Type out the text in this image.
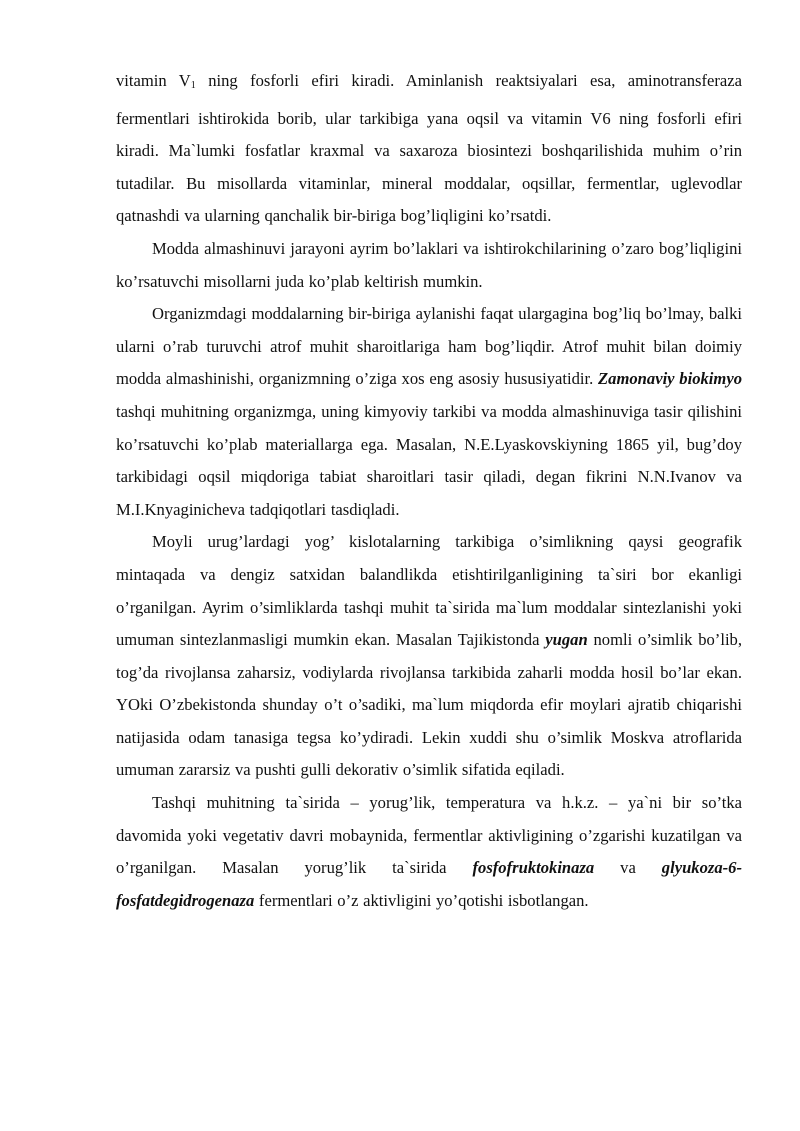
vitamin $V_1$ ning fosforli efiri kiradi. Aminlanish reaktsiyalari esa, aminotransferaza fermentlari ishtirokida borib, ular tarkibiga yana oqsil va vitamin V6 ning fosforli efiri kiradi. Ma`lumki fosfatlar kraxmal va saxaroza biosintezi boshqarilishida muhim o’rin tutadilar. Bu misollarda vitaminlar, mineral moddalar, oqsillar, fermentlar, uglevodlar qatnashdi va ularning qanchalik bir-biriga bog’liqligini ko’rsatdi.

Modda almashinuvi jarayoni ayrim bo’laklari va ishtirokchilarining o’zaro bog’liqligini ko’rsatuvchi misollarni juda ko’plab keltirish mumkin.

Organizmdagi moddalarning bir-biriga aylanishi faqat ulargagina bog’liq bo’lmay, balki ularni o’rab turuvchi atrof muhit sharoitlariga ham bog’liqdir. Atrof muhit bilan doimiy modda almashinishi, organizmning o’ziga xos eng asosiy hususiyatidir. Zamonaviy biokimyo tashqi muhitning organizmga, uning kimyoviy tarkibi va modda almashinuviga tasir qilishini ko’rsatuvchi ko’plab materiallarga ega. Masalan, N.E.Lyaskovskiyning 1865 yil, bug’doy tarkibidagi oqsil miqdoriga tabiat sharoitlari tasir qiladi, degan fikrini N.N.Ivanov va M.I.Knyaginicheva tadqiqotlari tasdiqladi.

Moyli urug’lardagi yog’ kislotalarning tarkibiga o’simlikning qaysi geografik mintaqada va dengiz satxidan balandlikda etishtirilganligining ta`siri bor ekanligi o’rganilgan. Ayrim o’simliklarda tashqi muhit ta`sirida ma`lum moddalar sintezlanishi yoki umuman sintezlanmasligi mumkin ekan. Masalan Tajikistonda yugan nomli o’simlik bo’lib, tog’da rivojlansa zaharsiz, vodiylarda rivojlansa tarkibida zaharli modda hosil bo’lar ekan. YOki O’zbekistonda shunday o’t o’sadiki, ma`lum miqdorda efir moylari ajratib chiqarishi natijasida odam tanasiga tegsa ko’ydiradi. Lekin xuddi shu o’simlik Moskva atroflarida umuman zararsiz va pushti gulli dekorativ o’simlik sifatida eqiladi.

Tashqi muhitning ta`sirida – yorug’lik, temperatura va h.k.z. – ya`ni bir so’tka davomida yoki vegetativ davri mobaynida, fermentlar aktivligining o’zgarishi kuzatilgan va o’rganilgan. Masalan yorug’lik ta`sirida fosfofruktokinaza va glyukoza-6-fosfatdegidrogenaza fermentlari o’z aktivligini yo’qotishi isbotlangan.
